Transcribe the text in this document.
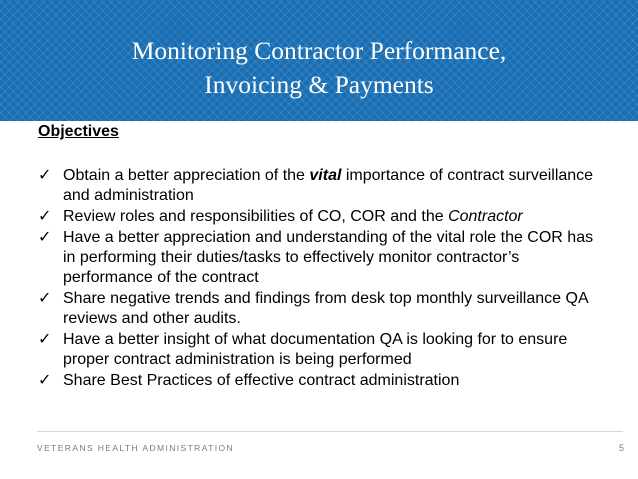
Monitoring Contractor Performance,
Invoicing & Payments
Objectives
✓ Obtain a better appreciation of the vital importance of contract surveillance and administration
✓ Review roles and responsibilities of CO, COR and the Contractor
✓ Have a better appreciation and understanding of the vital role the COR has in performing their duties/tasks to effectively monitor contractor’s performance of the contract
✓ Share negative trends and findings from desk top monthly surveillance QA reviews and other audits.
✓ Have a better insight of what documentation QA is looking for to ensure proper contract administration is being performed
✓ Share Best Practices of effective contract administration
VETERANS HEALTH ADMINISTRATION	5
